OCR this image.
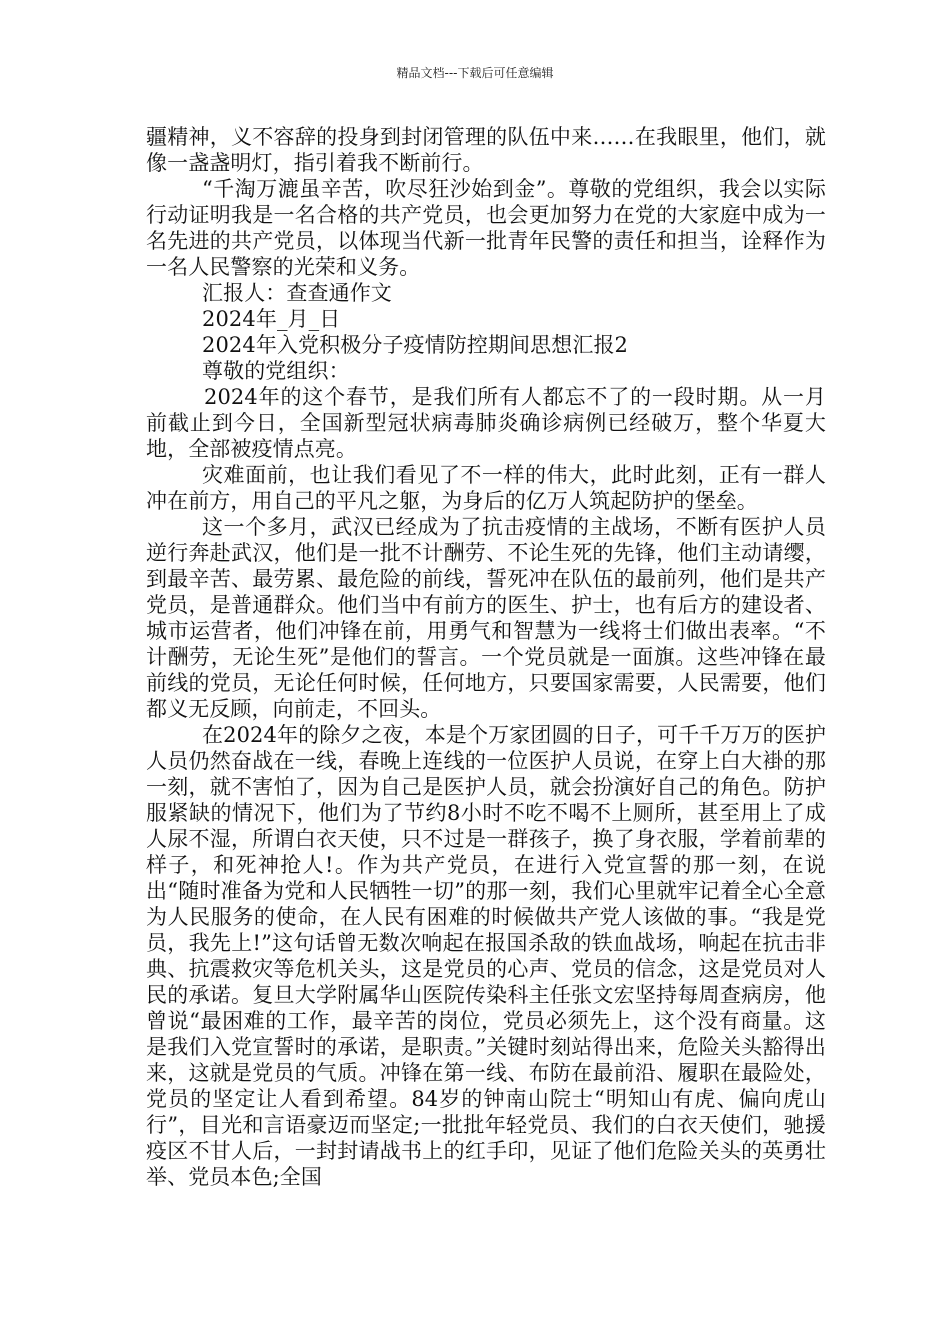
精品文档---下载后可任意编辑

疆精神，义不容辞的投身到封闭管理的队伍中来……在我眼里，他们，就像一盏盏明灯，指引着我不断前行。

“千淘万漉虽辛苦，吹尽狂沙始到金”。尊敬的党组织，我会以实际行动证明我是一名合格的共产党员，也会更加努力在党的大家庭中成为一名先进的共产党员，以体现当代新一批青年民警的责任和担当，诠释作为一名人民警察的光荣和义务。

汇报人：查查通作文

2024年_月_日

2024年入党积极分子疫情防控期间思想汇报2

尊敬的党组织：

2024年的这个春节，是我们所有人都忘不了的一段时期。从一月前截止到今日，全国新型冠状病毒肺炎确诊病例已经破万，整个华夏大地，全部被疫情点亮。

灾难面前，也让我们看见了不一样的伟大，此时此刻，正有一群人冲在前方，用自己的平凡之躯，为身后的亿万人筑起防护的堡垒。

这一个多月，武汉已经成为了抗击疫情的主战场，不断有医护人员逆行奔赴武汉，他们是一批不计酬劳、不论生死的先锋，他们主动请缨，到最辛苦、最劳累、最危险的前线，誓死冲在队伍的最前列，他们是共产党员，是普通群众。他们当中有前方的医生、护士，也有后方的建设者、城市运营者，他们冲锋在前，用勇气和智慧为一线将士们做出表率。“不计酬劳，无论生死”是他们的誓言。一个党员就是一面旗。这些冲锋在最前线的党员，无论任何时候，任何地方，只要国家需要，人民需要，他们都义无反顾，向前走，不回头。

在2024年的除夕之夜，本是个万家团圆的日子，可千千万万的医护人员仍然奋战在一线，春晚上连线的一位医护人员说，在穿上白大褂的那一刻，就不害怕了，因为自己是医护人员，就会扮演好自己的角色。防护服紧缺的情况下，他们为了节约8小时不吃不喝不上厕所，甚至用上了成人尿不湿，所谓白衣天使，只不过是一群孩子，换了身衣服，学着前辈的样子，和死神抢人!。作为共产党员，在进行入党宣誓的那一刻，在说出“随时准备为党和人民牺牲一切”的那一刻，我们心里就牢记着全心全意为人民服务的使命，在人民有困难的时候做共产党人该做的事。“我是党员，我先上!”这句话曾无数次响起在报国杀敌的铁血战场，响起在抗击非典、抗震救灾等危机关头，这是党员的心声、党员的信念，这是党员对人民的承诺。复旦大学附属华山医院传染科主任张文宏坚持每周查病房，他曾说“最困难的工作，最辛苦的岗位，党员必须先上，这个没有商量。这是我们入党宣誓时的承诺，是职责。”关键时刻站得出来，危险关头豁得出来，这就是党员的气质。冲锋在第一线、布防在最前沿、履职在最险处，党员的坚定让人看到希望。84岁的钟南山院士“明知山有虎、偏向虎山行”，目光和言语豪迈而坚定;一批批年轻党员、我们的白衣天使们，驰援疫区不甘人后，一封封请战书上的红手印，见证了他们危险关头的英勇壮举、党员本色;全国
